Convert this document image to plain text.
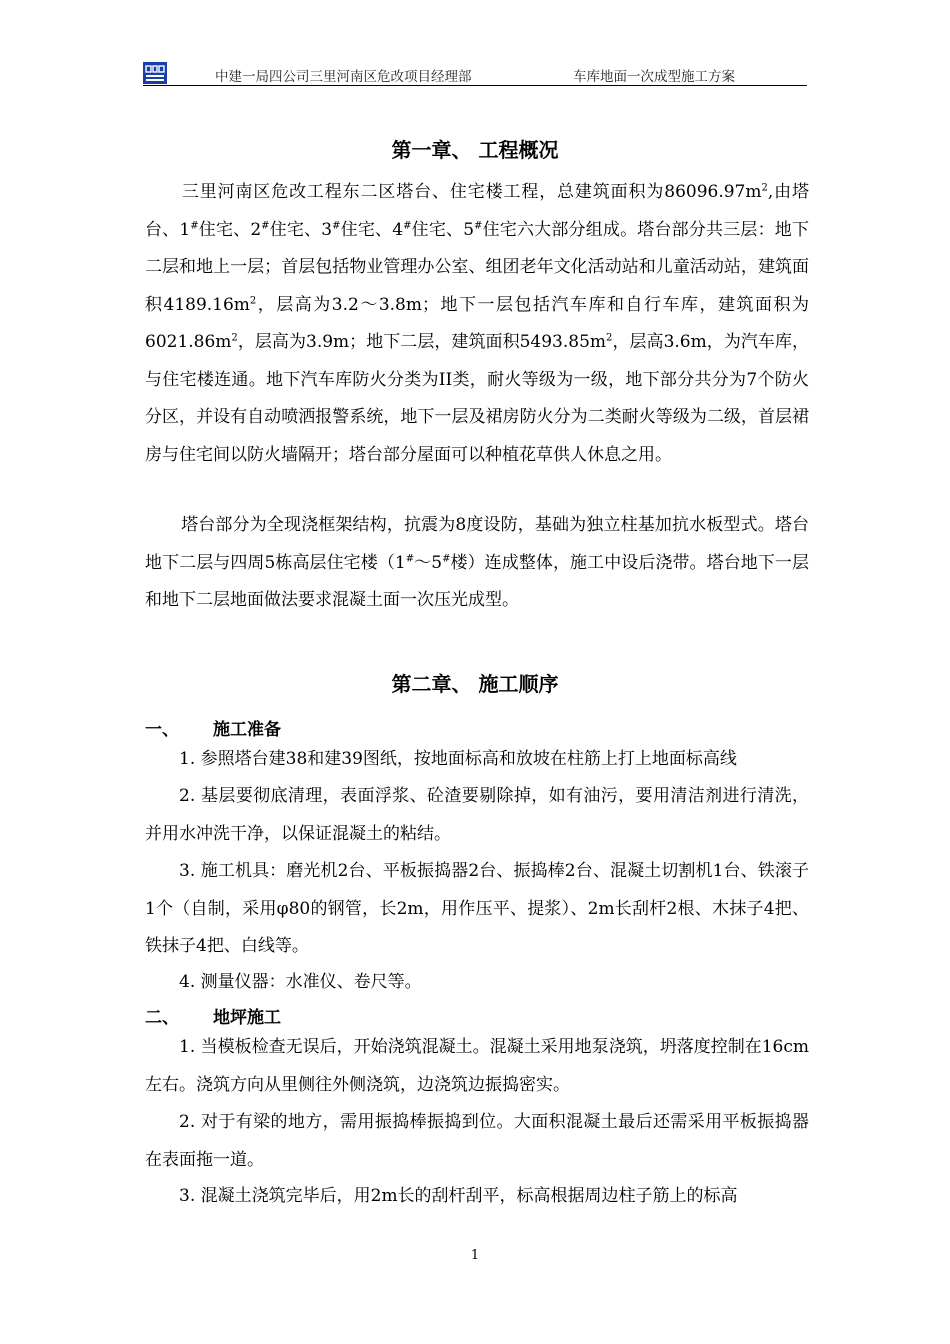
中建一局四公司三里河南区危改项目经理部	车库地面一次成型施工方案
第一章、 工程概况
三里河南区危改工程东二区塔台、住宅楼工程，总建筑面积为$86096.97m^2$,由塔台、1#住宅、2#住宅、3#住宅、4#住宅、5#住宅六大部分组成。塔台部分共三层：地下二层和地上一层；首层包括物业管理办公室、组团老年文化活动站和儿童活动站，建筑面积$4189.16m^2$，层高为3.2～3.8m；地下一层包括汽车库和自行车库，建筑面积为$6021.86m^2$，层高为3.9m；地下二层，建筑面积$5493.85m^2$，层高3.6m，为汽车库，与住宅楼连通。地下汽车库防火分类为II类，耐火等级为一级，地下部分共分为7个防火分区，并设有自动喷洒报警系统，地下一层及裙房防火分为二类耐火等级为二级，首层裙房与住宅间以防火墙隔开；塔台部分屋面可以种植花草供人休息之用。
塔台部分为全现浇框架结构，抗震为8度设防，基础为独立柱基加抗水板型式。塔台地下二层与四周5栋高层住宅楼（1#～5#楼）连成整体，施工中设后浇带。塔台地下一层和地下二层地面做法要求混凝土面一次压光成型。
第二章、 施工顺序
一、 施工准备
1. 参照塔台建38和建39图纸，按地面标高和放坡在柱筋上打上地面标高线
2. 基层要彻底清理，表面浮浆、砼渣要剔除掉，如有油污，要用清洁剂进行清洗，并用水冲洗干净，以保证混凝土的粘结。
3. 施工机具：磨光机2台、平板振捣器2台、振捣棒2台、混凝土切割机1台、铁滚子1个（自制，采用φ80的钢管，长2m，用作压平、提浆）、2m长刮杆2根、木抹子4把、铁抹子4把、白线等。
4. 测量仪器：水准仪、卷尺等。
二、 地坪施工
1. 当模板检查无误后，开始浇筑混凝土。混凝土采用地泵浇筑，坍落度控制在16cm左右。浇筑方向从里侧往外侧浇筑，边浇筑边振捣密实。
2. 对于有梁的地方，需用振捣棒振捣到位。大面积混凝土最后还需采用平板振捣器在表面拖一道。
3. 混凝土浇筑完毕后，用2m长的刮杆刮平，标高根据周边柱子筋上的标高
1
